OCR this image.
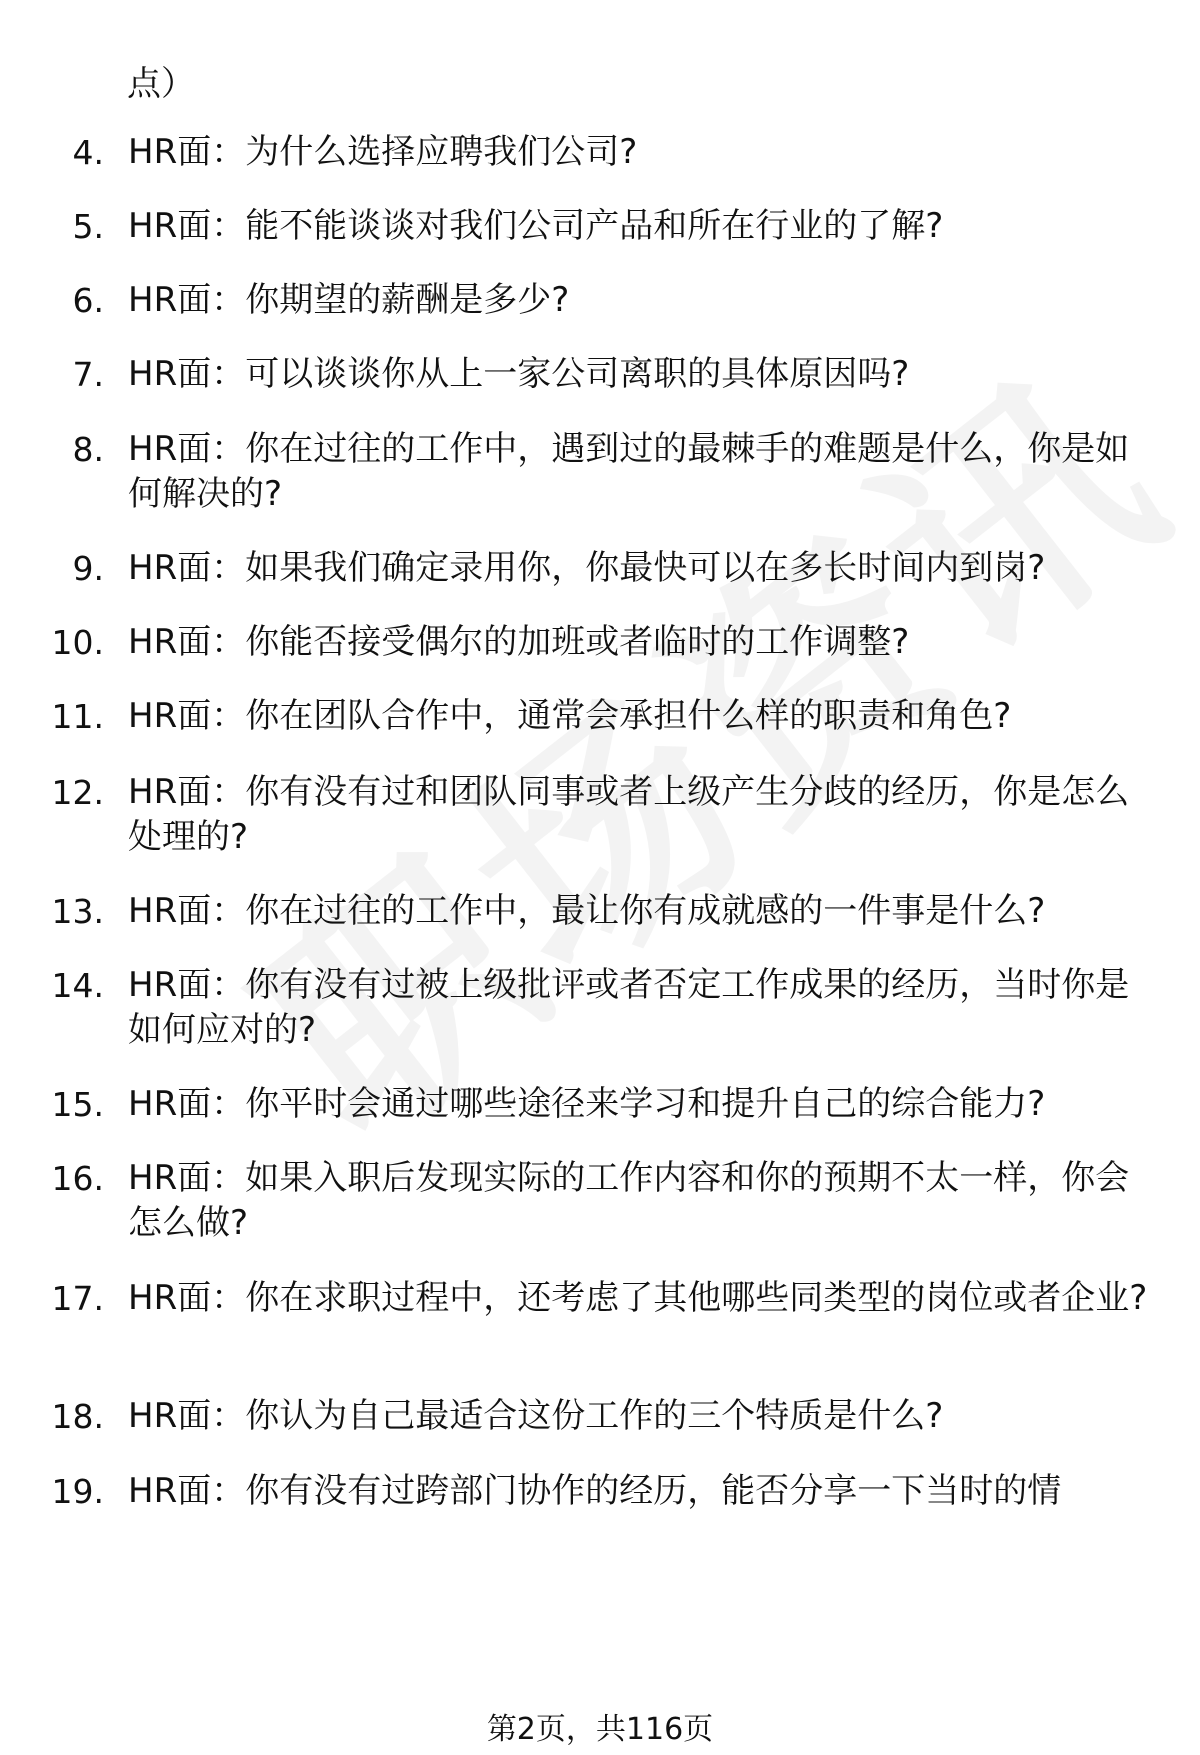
点）
4. HR面：为什么选择应聘我们公司?
5. HR面：能不能谈谈对我们公司产品和所在行业的了解?
6. HR面：你期望的薪酬是多少?
7. HR面：可以谈谈你从上一家公司离职的具体原因吗?
8. HR面：你在过往的工作中，遇到过的最棘手的难题是什么，你是如何解决的?
9. HR面：如果我们确定录用你，你最快可以在多长时间内到岗?
10. HR面：你能否接受偶尔的加班或者临时的工作调整?
11. HR面：你在团队合作中，通常会承担什么样的职责和角色?
12. HR面：你有没有过和团队同事或者上级产生分歧的经历，你是怎么处理的?
13. HR面：你在过往的工作中，最让你有成就感的一件事是什么?
14. HR面：你有没有过被上级批评或者否定工作成果的经历，当时你是如何应对的?
15. HR面：你平时会通过哪些途径来学习和提升自己的综合能力?
16. HR面：如果入职后发现实际的工作内容和你的预期不太一样，你会怎么做?
17. HR面：你在求职过程中，还考虑了其他哪些同类型的岗位或者企业?
18. HR面：你认为自己最适合这份工作的三个特质是什么?
19. HR面：你有没有过跨部门协作的经历，能否分享一下当时的情
第2页，共116页
